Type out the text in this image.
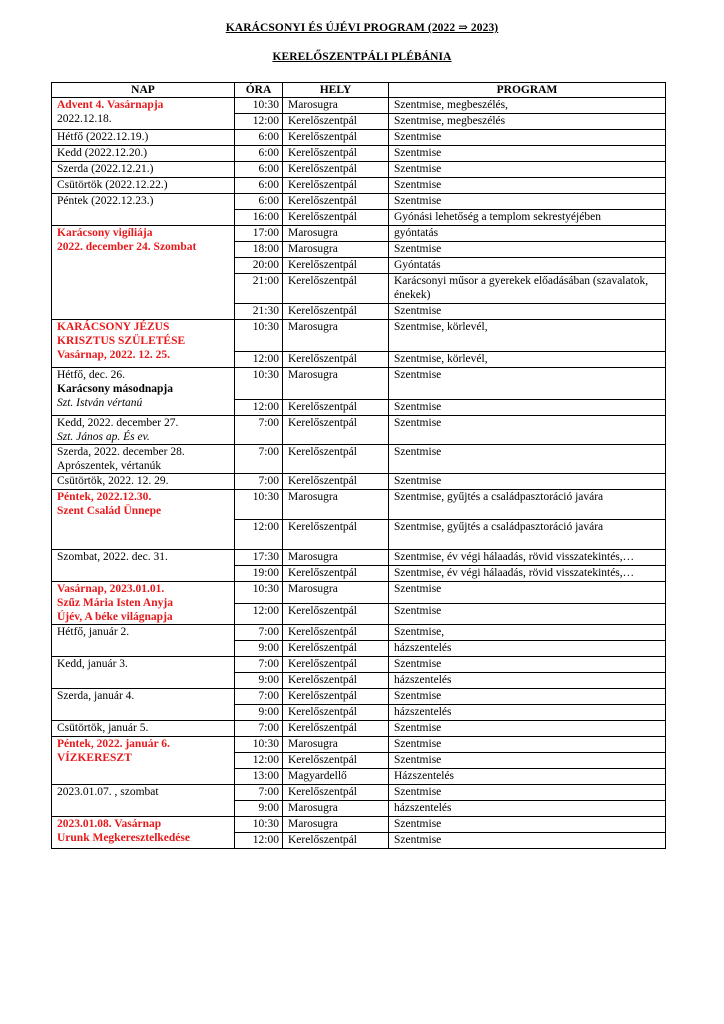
KARÁCSONYI ÉS ÚJÉVI PROGRAM (2022 ⇒ 2023)
KERELŐSZENTPÁLI PLÉBÁNIA
NAP	ÓRA	HELY	PROGRAM

Advent 4. Vasárnapja
2022.12.18.	10:30	Marosugra	Szentmise, megbeszélés,
	12:00	Kerelőszentpál	Szentmise, megbeszélés

Hétfő (2022.12.19.)	6:00	Kerelőszentpál	Szentmise

Kedd (2022.12.20.)	6:00	Kerelőszentpál	Szentmise

Szerda (2022.12.21.)	6:00	Kerelőszentpál	Szentmise

Csütörtök (2022.12.22.)	6:00	Kerelőszentpál	Szentmise

Péntek (2022.12.23.)	6:00	Kerelőszentpál	Szentmise
	16:00	Kerelőszentpál	Gyónási lehetőség a templom sekrestyéjében

Karácsony vigíliája
2022. december 24. Szombat	17:00	Marosugra	gyóntatás
	18:00	Marosugra	Szentmise
	20:00	Kerelőszentpál	Gyóntatás
	21:00	Kerelőszentpál	Karácsonyi műsor a gyerekek előadásában (szavalatok, énekek)
	21:30	Kerelőszentpál	Szentmise

KARÁCSONY JÉZUS
KRISZTUS SZÜLETÉSE
Vasárnap, 2022. 12. 25.	10:30	Marosugra	Szentmise, körlevél,
	12:00	Kerelőszentpál	Szentmise, körlevél,

Hétfő, dec. 26.
Karácsony másodnapja
Szt. István vértanú	10:30	Marosugra	Szentmise
	12:00	Kerelőszentpál	Szentmise

Kedd, 2022. december 27.
Szt. János ap. És ev.	7:00	Kerelőszentpál	Szentmise

Szerda, 2022. december 28.
Aprószentek, vértanúk	7:00	Kerelőszentpál	Szentmise

Csütörtök, 2022. 12. 29.	7:00	Kerelőszentpál	Szentmise

Péntek, 2022.12.30.
Szent Család Ünnepe	10:30	Marosugra	Szentmise, gyűjtés a családpasztoráció javára
	12:00	Kerelőszentpál	Szentmise, gyűjtés a családpasztoráció javára

Szombat, 2022. dec. 31.	17:30	Marosugra	Szentmise, év végi hálaadás, rövid visszatekintés,…
	19:00	Kerelőszentpál	Szentmise, év végi hálaadás, rövid visszatekintés,…

Vasárnap, 2023.01.01.
Szűz Mária Isten Anyja
Újév, A béke világnapja	10:30	Marosugra	Szentmise
	12:00	Kerelőszentpál	Szentmise

Hétfő, január 2.	7:00	Kerelőszentpál	Szentmise,
	9:00	Kerelőszentpál	házszentelés

Kedd, január 3.	7:00	Kerelőszentpál	Szentmise
	9:00	Kerelőszentpál	házszentelés

Szerda, január 4.	7:00	Kerelőszentpál	Szentmise
	9:00	Kerelőszentpál	házszentelés

Csütörtök, január 5.	7:00	Kerelőszentpál	Szentmise

Péntek, 2022. január 6.
VÍZKERESZT	10:30	Marosugra	Szentmise
	12:00	Kerelőszentpál	Szentmise
	13:00	Magyardellő	Házszentelés

2023.01.07. , szombat	7:00	Kerelőszentpál	Szentmise
	9:00	Marosugra	házszentelés

2023.01.08. Vasárnap
Urunk Megkeresztelkedése	10:30	Marosugra	Szentmise
	12:00	Kerelőszentpál	Szentmise
